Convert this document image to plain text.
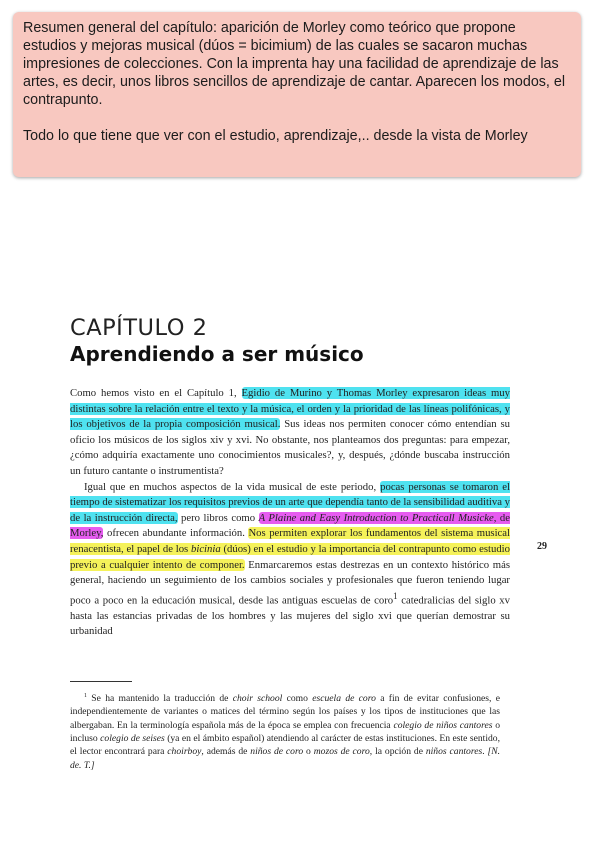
Resumen general del capítulo: aparición de Morley como teórico que propone estudios y mejoras musical (dúos = bicimium) de las cuales se sacaron muchas impresiones de colecciones. Con la imprenta hay una facilidad de aprendizaje de las artes, es decir, unos libros sencillos de aprendizaje de cantar. Aparecen los modos, el contrapunto.

Todo lo que tiene que ver con el estudio, aprendizaje,.. desde la vista de Morley

CAPÍTULO 2
Aprendiendo a ser músico

Como hemos visto en el Capítulo 1, Egidio de Murino y Thomas Morley expresaron ideas muy distintas sobre la relación entre el texto y la música, el orden y la prioridad de las líneas polifónicas, y los objetivos de la propia composición musical. Sus ideas nos permiten conocer cómo entendían su oficio los músicos de los siglos xiv y xvi. No obstante, nos planteamos dos preguntas: para empezar, ¿cómo adquiría exactamente uno conocimientos musicales?, y, después, ¿dónde buscaba instrucción un futuro cantante o instrumentista?

Igual que en muchos aspectos de la vida musical de este periodo, pocas personas se tomaron el tiempo de sistematizar los requisitos previos de un arte que dependía tanto de la sensibilidad auditiva y de la instrucción directa, pero libros como A Plaine and Easy Introduction to Practicall Musicke, de Morley, ofrecen abundante información. Nos permiten explorar los fundamentos del sistema musical renacentista, el papel de los bicinia (dúos) en el estudio y la importancia del contrapunto como estudio previo a cualquier intento de componer. Enmarcaremos estas destrezas en un contexto histórico más general, haciendo un seguimiento de los cambios sociales y profesionales que fueron teniendo lugar poco a poco en la educación musical, desde las antiguas escuelas de coro$^1$ catedralicias del siglo xv hasta las estancias privadas de los hombres y las mujeres del siglo xvi que querían demostrar su urbanidad

29

$^1$ Se ha mantenido la traducción de choir school como escuela de coro a fin de evitar confusiones, e independientemente de variantes o matices del término según los países y los tipos de instituciones que las albergaban. En la terminología española más de la época se emplea con frecuencia colegio de niños cantores o incluso colegio de seises (ya en el ámbito español) atendiendo al carácter de estas instituciones. En este sentido, el lector encontrará para choirboy, además de niños de coro o mozos de coro, la opción de niños cantores. [N. de. T.]
